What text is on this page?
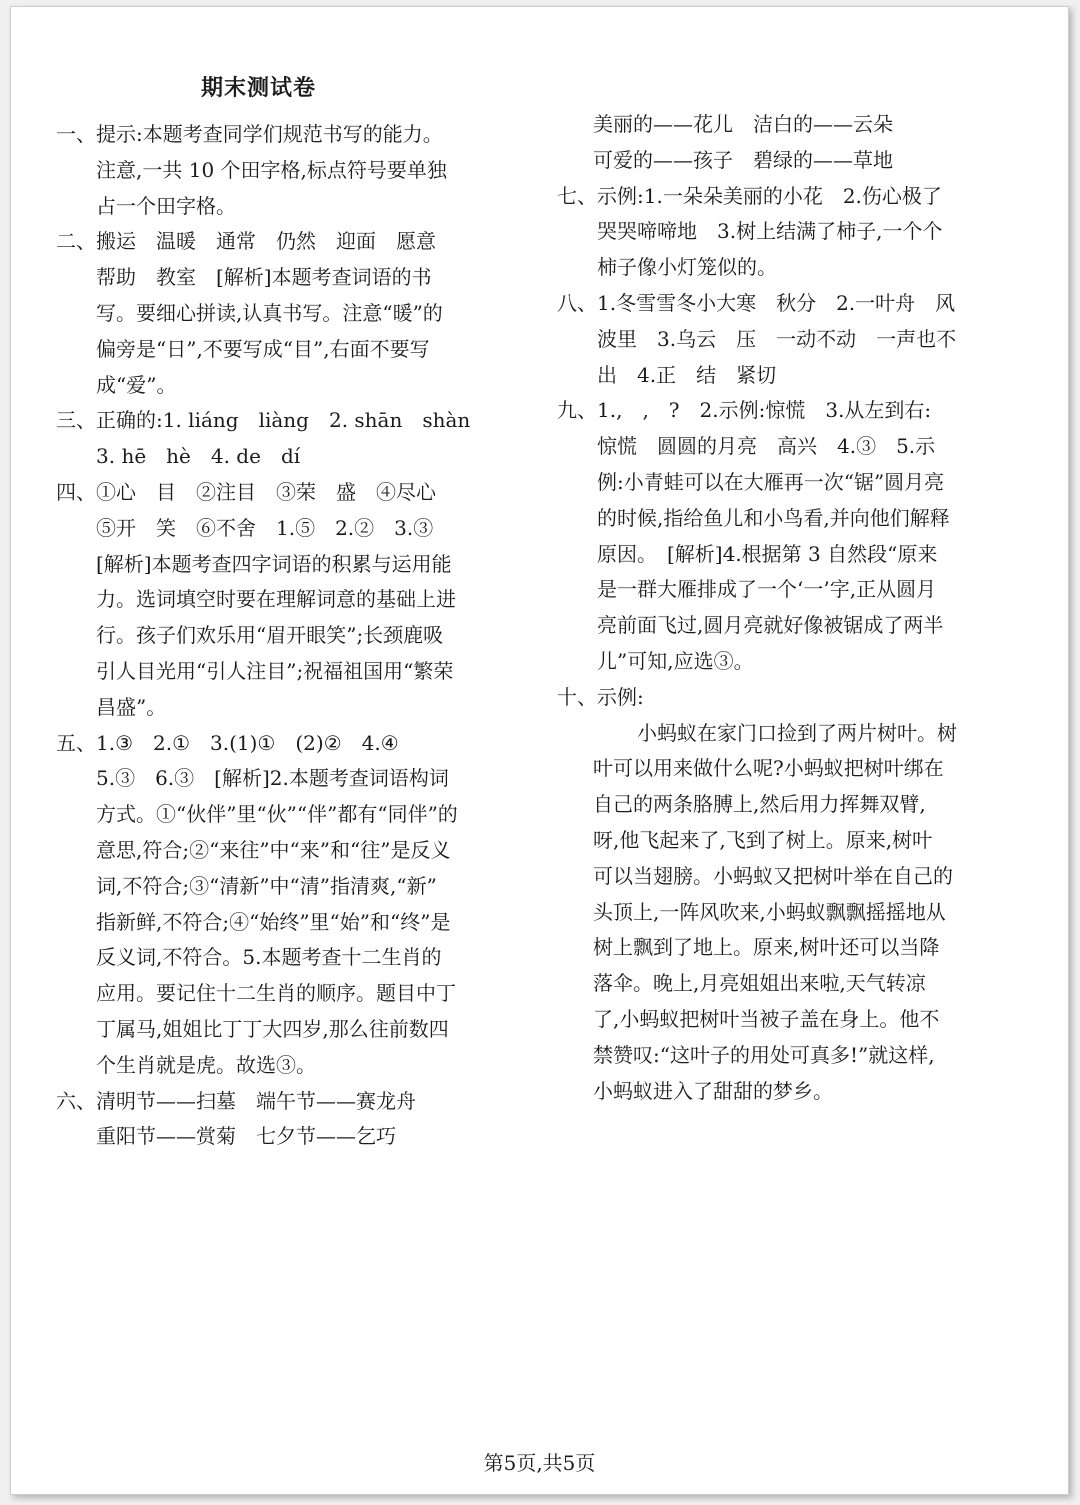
期末测试卷
一、 提示:本题考查同学们规范书写的能力。
注意,一共 10 个田字格,标点符号要单独
占一个田字格。
二、 搬运　温暖　通常　仍然　迎面　愿意
帮助　教室　[解析]本题考查词语的书
写。要细心拼读,认真书写。注意“暖”的
偏旁是“日”,不要写成“目”,右面不要写
成“爱”。
三、 正确的:1. liáng　liàng　2. shān　shàn
3. hē　hè　4. de　dí
四、 ①心　目　②注目　③荣　盛　④尽心
⑤开　笑　⑥不舍　1.⑤　2.②　3.③
[解析]本题考查四字词语的积累与运用能
力。选词填空时要在理解词意的基础上进
行。孩子们欢乐用“眉开眼笑”;长颈鹿吸
引人目光用“引人注目”;祝福祖国用“繁荣
昌盛”。
五、 1.③　2.①　3.(1)①　(2)②　4.④
5.③　6.③　[解析]2.本题考查词语构词
方式。①“伙伴”里“伙”“伴”都有“同伴”的
意思,符合;②“来往”中“来”和“往”是反义
词,不符合;③“清新”中“清”指清爽,“新”
指新鲜,不符合;④“始终”里“始”和“终”是
反义词,不符合。5.本题考查十二生肖的
应用。要记住十二生肖的顺序。题目中丁
丁属马,姐姐比丁丁大四岁,那么往前数四
个生肖就是虎。故选③。
六、 清明节——扫墓　端午节——赛龙舟
重阳节——赏菊　七夕节——乞巧
美丽的——花儿　洁白的——云朵
可爱的——孩子　碧绿的——草地
七、 示例:1.一朵朵美丽的小花　2.伤心极了
哭哭啼啼地　3.树上结满了柿子,一个个
柿子像小灯笼似的。
八、 1.冬雪雪冬小大寒　秋分　2.一叶舟　风
波里　3.乌云　压　一动不动　一声也不
出　4.正　结　紧切
九、 1.,　,　?　2.示例:惊慌　3.从左到右:
惊慌　圆圆的月亮　高兴　4.③　5.示
例:小青蛙可以在大雁再一次“锯”圆月亮
的时候,指给鱼儿和小鸟看,并向他们解释
原因。　[解析]4.根据第 3 自然段“原来
是一群大雁排成了一个‘一’字,正从圆月
亮前面飞过,圆月亮就好像被锯成了两半
儿”可知,应选③。
十、 示例:
小蚂蚁在家门口捡到了两片树叶。树
叶可以用来做什么呢?小蚂蚁把树叶绑在
自己的两条胳膊上,然后用力挥舞双臂,
呀,他飞起来了,飞到了树上。原来,树叶
可以当翅膀。小蚂蚁又把树叶举在自己的
头顶上,一阵风吹来,小蚂蚁飘飘摇摇地从
树上飘到了地上。原来,树叶还可以当降
落伞。晚上,月亮姐姐出来啦,天气转凉
了,小蚂蚁把树叶当被子盖在身上。他不
禁赞叹:“这叶子的用处可真多!”就这样,
小蚂蚁进入了甜甜的梦乡。
第5页,共5页
